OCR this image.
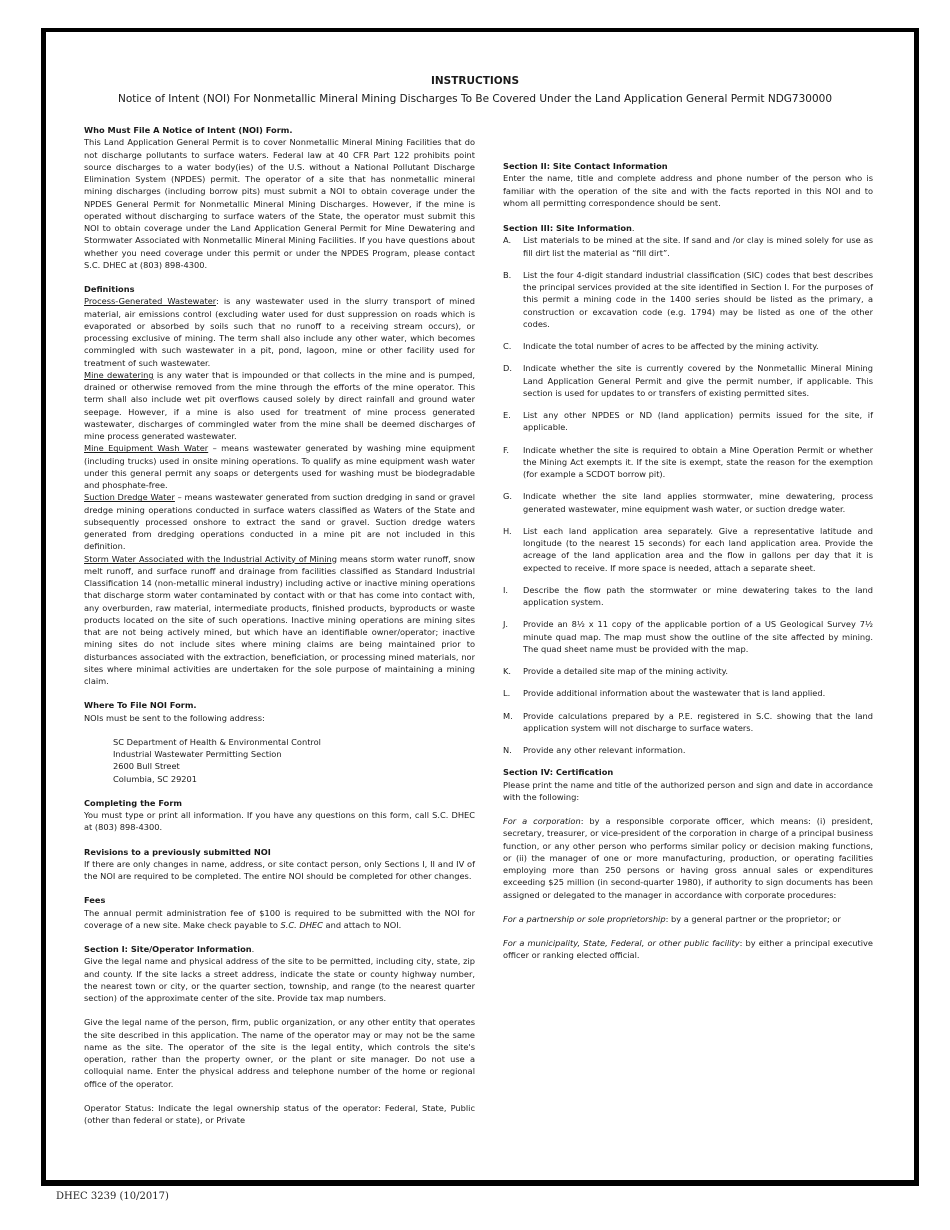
INSTRUCTIONS
Notice of Intent (NOI) For Nonmetallic Mineral Mining Discharges To Be Covered Under the Land Application General Permit NDG730000

Who Must File A Notice of Intent (NOI) Form.

This Land Application General Permit is to cover Nonmetallic Mineral Mining Facilities that do not discharge pollutants to surface waters. Federal law at 40 CFR Part 122 prohibits point source discharges to a water body(ies) of the U.S. without a National Pollutant Discharge Elimination System (NPDES) permit. The operator of a site that has nonmetallic mineral mining discharges (including borrow pits) must submit a NOI to obtain coverage under the NPDES General Permit for Nonmetallic Mineral Mining Discharges. However, if the mine is operated without discharging to surface waters of the State, the operator must submit this NOI to obtain coverage under the Land Application General Permit for Mine Dewatering and Stormwater Associated with Nonmetallic Mineral Mining Facilities. If you have questions about whether you need coverage under this permit or under the NPDES Program, please contact S.C. DHEC at (803) 898-4300.

Definitions

Process-Generated Wastewater: is any wastewater used in the slurry transport of mined material, air emissions control (excluding water used for dust suppression on roads which is evaporated or absorbed by soils such that no runoff to a receiving stream occurs), or processing exclusive of mining. The term shall also include any other water, which becomes commingled with such wastewater in a pit, pond, lagoon, mine or other facility used for treatment of such wastewater.

Mine dewatering is any water that is impounded or that collects in the mine and is pumped, drained or otherwise removed from the mine through the efforts of the mine operator. This term shall also include wet pit overflows caused solely by direct rainfall and ground water seepage. However, if a mine is also used for treatment of mine process generated wastewater, discharges of commingled water from the mine shall be deemed discharges of mine process generated wastewater.

Mine Equipment Wash Water – means wastewater generated by washing mine equipment (including trucks) used in onsite mining operations. To qualify as mine equipment wash water under this general permit any soaps or detergents used for washing must be biodegradable and phosphate-free.

Suction Dredge Water – means wastewater generated from suction dredging in sand or gravel dredge mining operations conducted in surface waters classified as Waters of the State and subsequently processed onshore to extract the sand or gravel. Suction dredge waters generated from dredging operations conducted in a mine pit are not included in this definition.

Storm Water Associated with the Industrial Activity of Mining means storm water runoff, snow melt runoff, and surface runoff and drainage from facilities classified as Standard Industrial Classification 14 (non-metallic mineral industry) including active or inactive mining operations that discharge storm water contaminated by contact with or that has come into contact with, any overburden, raw material, intermediate products, finished products, byproducts or waste products located on the site of such operations. Inactive mining operations are mining sites that are not being actively mined, but which have an identifiable owner/operator; inactive mining sites do not include sites where mining claims are being maintained prior to disturbances associated with the extraction, beneficiation, or processing mined materials, nor sites where minimal activities are undertaken for the sole purpose of maintaining a mining claim.

Where To File NOI Form.

NOIs must be sent to the following address:

SC Department of Health & Environmental Control
Industrial Wastewater Permitting Section
2600 Bull Street
Columbia, SC 29201

Completing the Form

You must type or print all information. If you have any questions on this form, call S.C. DHEC at (803) 898-4300.

Revisions to a previously submitted NOI

If there are only changes in name, address, or site contact person, only Sections I, II and IV of the NOI are required to be completed. The entire NOI should be completed for other changes.

Fees

The annual permit administration fee of $100 is required to be submitted with the NOI for coverage of a new site. Make check payable to S.C. DHEC and attach to NOI.

Section I: Site/Operator Information.

Give the legal name and physical address of the site to be permitted, including city, state, zip and county. If the site lacks a street address, indicate the state or county highway number, the nearest town or city, or the quarter section, township, and range (to the nearest quarter section) of the approximate center of the site. Provide tax map numbers.

Give the legal name of the person, firm, public organization, or any other entity that operates the site described in this application. The name of the operator may or may not be the same name as the site. The operator of the site is the legal entity, which controls the site's operation, rather than the property owner, or the plant or site manager. Do not use a colloquial name. Enter the physical address and telephone number of the home or regional office of the operator.

Operator Status: Indicate the legal ownership status of the operator: Federal, State, Public (other than federal or state), or Private

Section II: Site Contact Information

Enter the name, title and complete address and phone number of the person who is familiar with the operation of the site and with the facts reported in this NOI and to whom all permitting correspondence should be sent.

Section III: Site Information.

A.	List materials to be mined at the site. If sand and /or clay is mined solely for use as fill dirt list the material as “fill dirt”.
B.	List the four 4-digit standard industrial classification (SIC) codes that best describes the principal services provided at the site identified in Section I. For the purposes of this permit a mining code in the 1400 series should be listed as the primary, a construction or excavation code (e.g. 1794) may be listed as one of the other codes.
C.	Indicate the total number of acres to be affected by the mining activity.
D.	Indicate whether the site is currently covered by the Nonmetallic Mineral Mining Land Application General Permit and give the permit number, if applicable. This section is used for updates to or transfers of existing permitted sites.
E.	List any other NPDES or ND (land application) permits issued for the site, if applicable.
F.	Indicate whether the site is required to obtain a Mine Operation Permit or whether the Mining Act exempts it. If the site is exempt, state the reason for the exemption (for example a SCDOT borrow pit).
G.	Indicate whether the site land applies stormwater, mine dewatering, process generated wastewater, mine equipment wash water, or suction dredge water.
H.	List each land application area separately. Give a representative latitude and longitude (to the nearest 15 seconds) for each land application area. Provide the acreage of the land application area and the flow in gallons per day that it is expected to receive. If more space is needed, attach a separate sheet.
I.	Describe the flow path the stormwater or mine dewatering takes to the land application system.
J.	Provide an 8½ x 11 copy of the applicable portion of a US Geological Survey 7½ minute quad map. The map must show the outline of the site affected by mining. The quad sheet name must be provided with the map.
K.	Provide a detailed site map of the mining activity.
L.	Provide additional information about the wastewater that is land applied.
M.	Provide calculations prepared by a P.E. registered in S.C. showing that the land application system will not discharge to surface waters.
N.	Provide any other relevant information.

Section IV: Certification

Please print the name and title of the authorized person and sign and date in accordance with the following:

For a corporation: by a responsible corporate officer, which means: (i) president, secretary, treasurer, or vice-president of the corporation in charge of a principal business function, or any other person who performs similar policy or decision making functions, or (ii) the manager of one or more manufacturing, production, or operating facilities employing more than 250 persons or having gross annual sales or expenditures exceeding $25 million (in second-quarter 1980), if authority to sign documents has been assigned or delegated to the manager in accordance with corporate procedures:

For a partnership or sole proprietorship: by a general partner or the proprietor; or

For a municipality, State, Federal, or other public facility: by either a principal executive officer or ranking elected official.

DHEC 3239 (10/2017)
